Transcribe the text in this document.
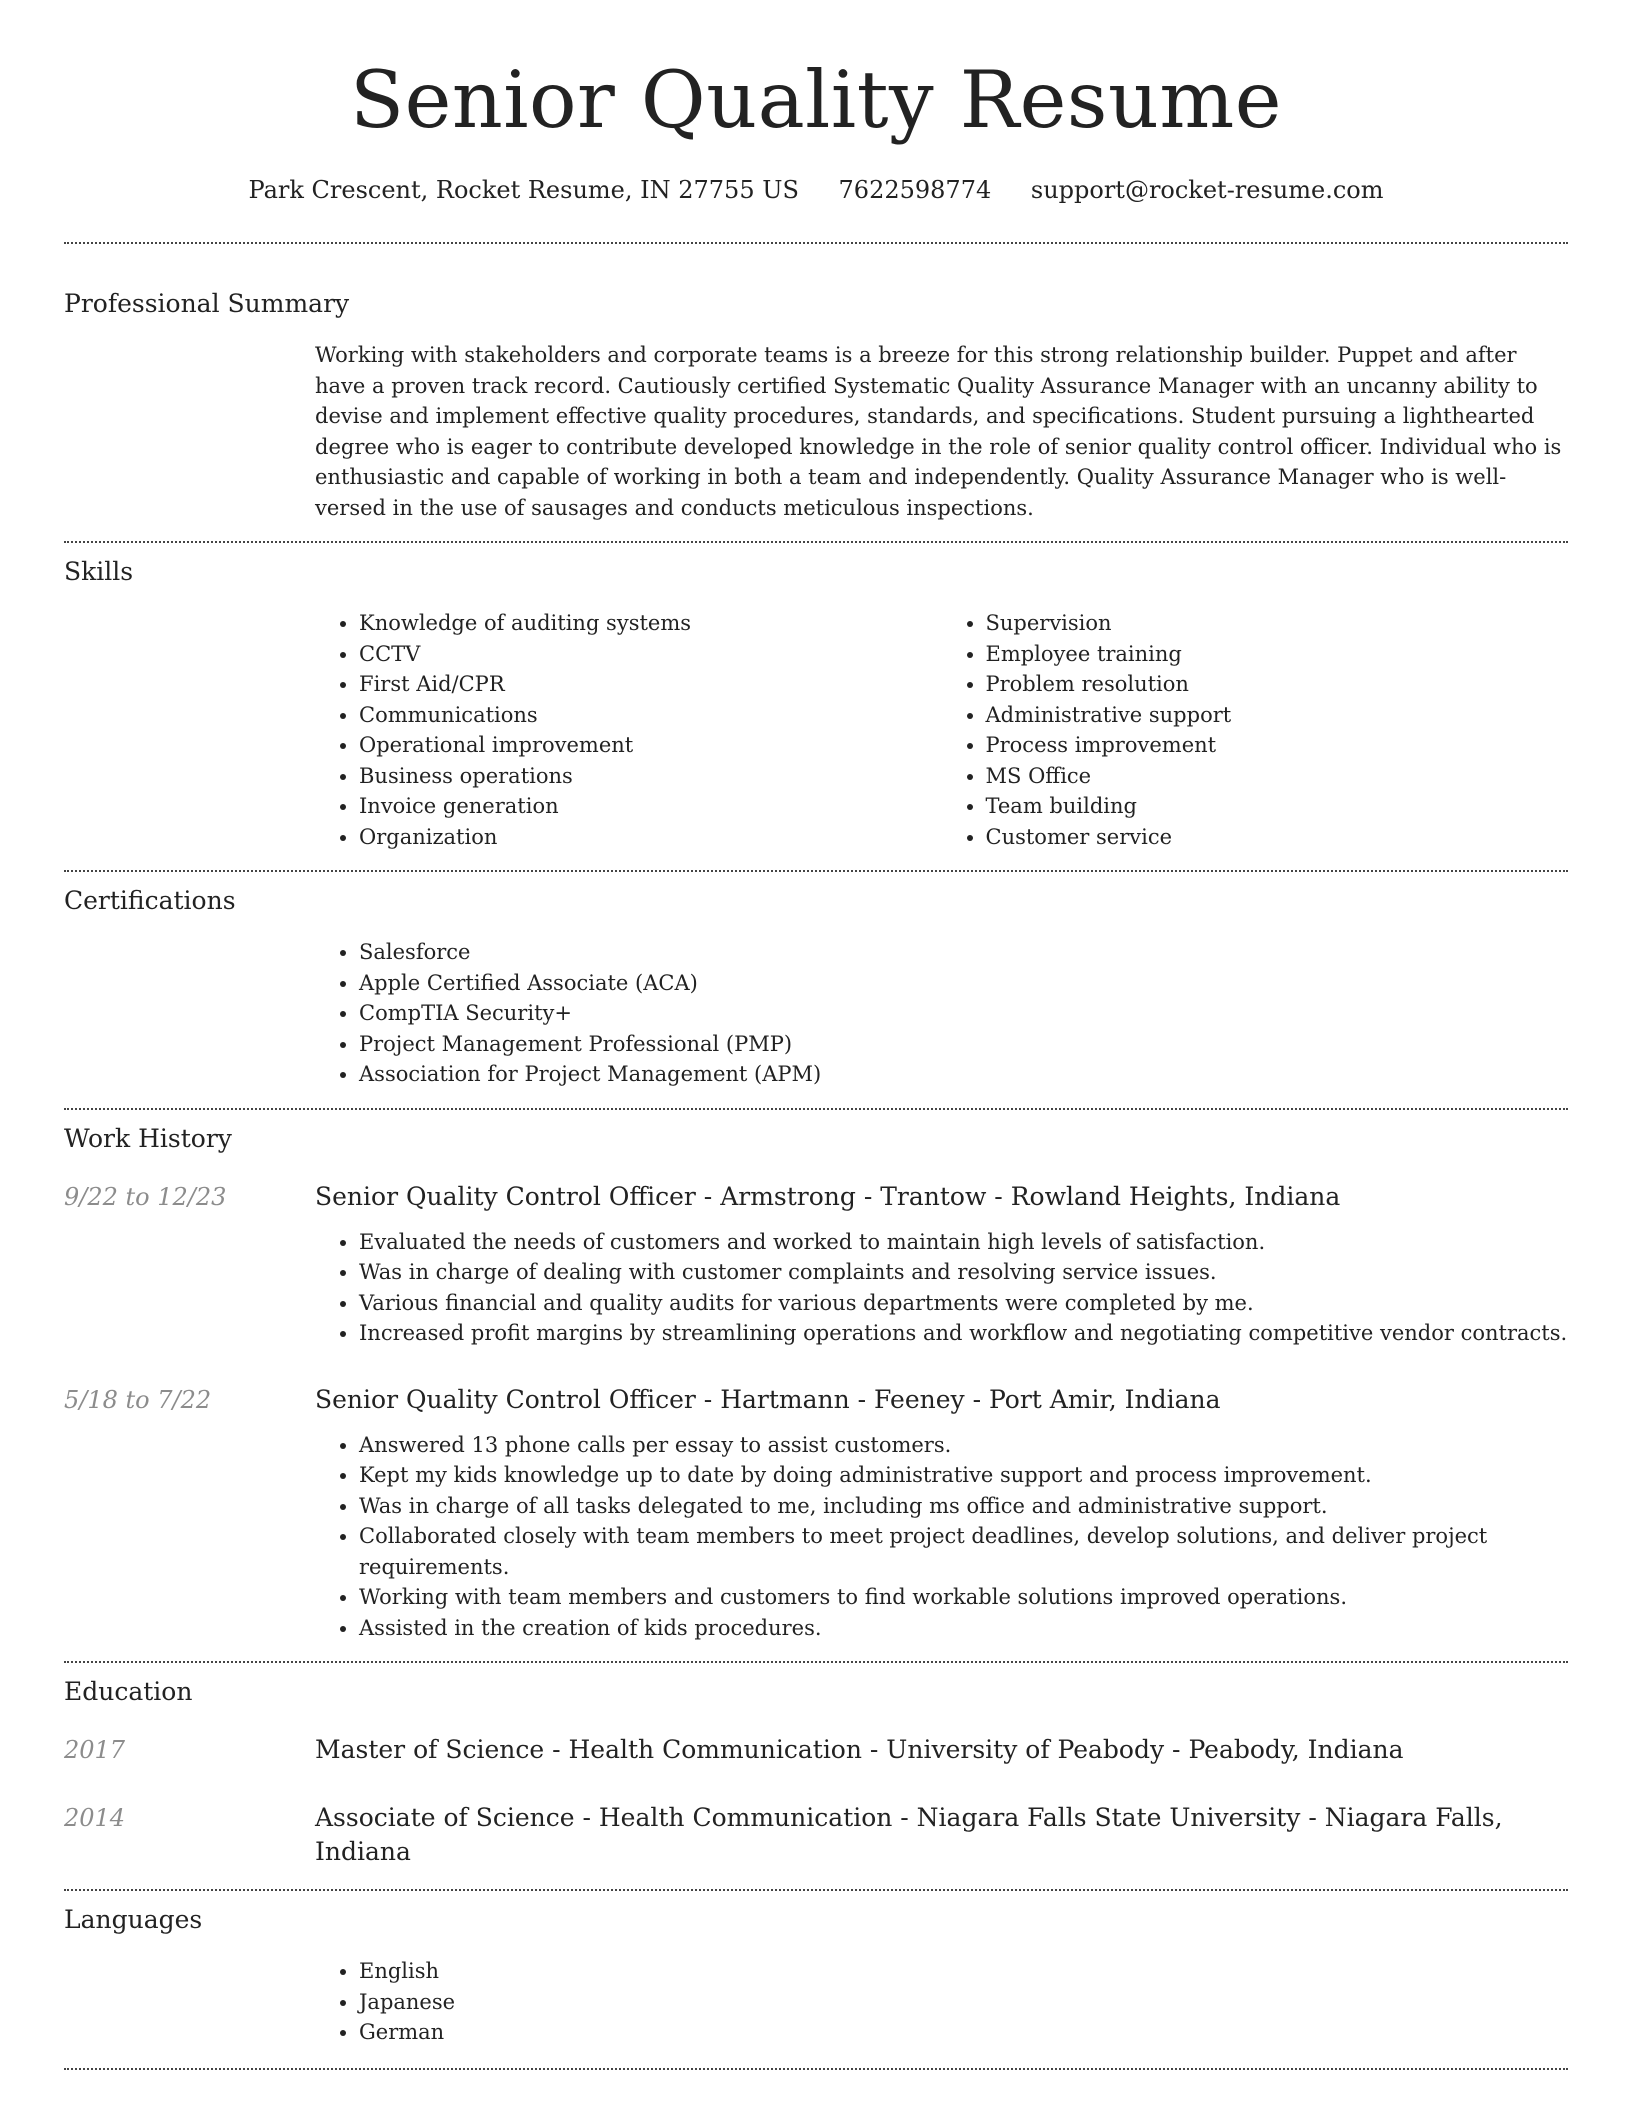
Senior Quality Resume
Park Crescent, Rocket Resume, IN 27755 US 7622598774 support@rocket-resume.com
Professional Summary
Working with stakeholders and corporate teams is a breeze for this strong relationship builder. Puppet and after have a proven track record. Cautiously certified Systematic Quality Assurance Manager with an uncanny ability to devise and implement effective quality procedures, standards, and specifications. Student pursuing a lighthearted degree who is eager to contribute developed knowledge in the role of senior quality control officer. Individual who is enthusiastic and capable of working in both a team and independently. Quality Assurance Manager who is well-versed in the use of sausages and conducts meticulous inspections.
Skills
• Knowledge of auditing systems
• CCTV
• First Aid/CPR
• Communications
• Operational improvement
• Business operations
• Invoice generation
• Organization
• Supervision
• Employee training
• Problem resolution
• Administrative support
• Process improvement
• MS Office
• Team building
• Customer service
Certifications
• Salesforce
• Apple Certified Associate (ACA)
• CompTIA Security+
• Project Management Professional (PMP)
• Association for Project Management (APM)
Work History
9/22 to 12/23	Senior Quality Control Officer - Armstrong - Trantow - Rowland Heights, Indiana
• Evaluated the needs of customers and worked to maintain high levels of satisfaction.
• Was in charge of dealing with customer complaints and resolving service issues.
• Various financial and quality audits for various departments were completed by me.
• Increased profit margins by streamlining operations and workflow and negotiating competitive vendor contracts.
5/18 to 7/22	Senior Quality Control Officer - Hartmann - Feeney - Port Amir, Indiana
• Answered 13 phone calls per essay to assist customers.
• Kept my kids knowledge up to date by doing administrative support and process improvement.
• Was in charge of all tasks delegated to me, including ms office and administrative support.
• Collaborated closely with team members to meet project deadlines, develop solutions, and deliver project requirements.
• Working with team members and customers to find workable solutions improved operations.
• Assisted in the creation of kids procedures.
Education
2017	Master of Science - Health Communication - University of Peabody - Peabody, Indiana
2014	Associate of Science - Health Communication - Niagara Falls State University - Niagara Falls, Indiana
Languages
• English
• Japanese
• German
